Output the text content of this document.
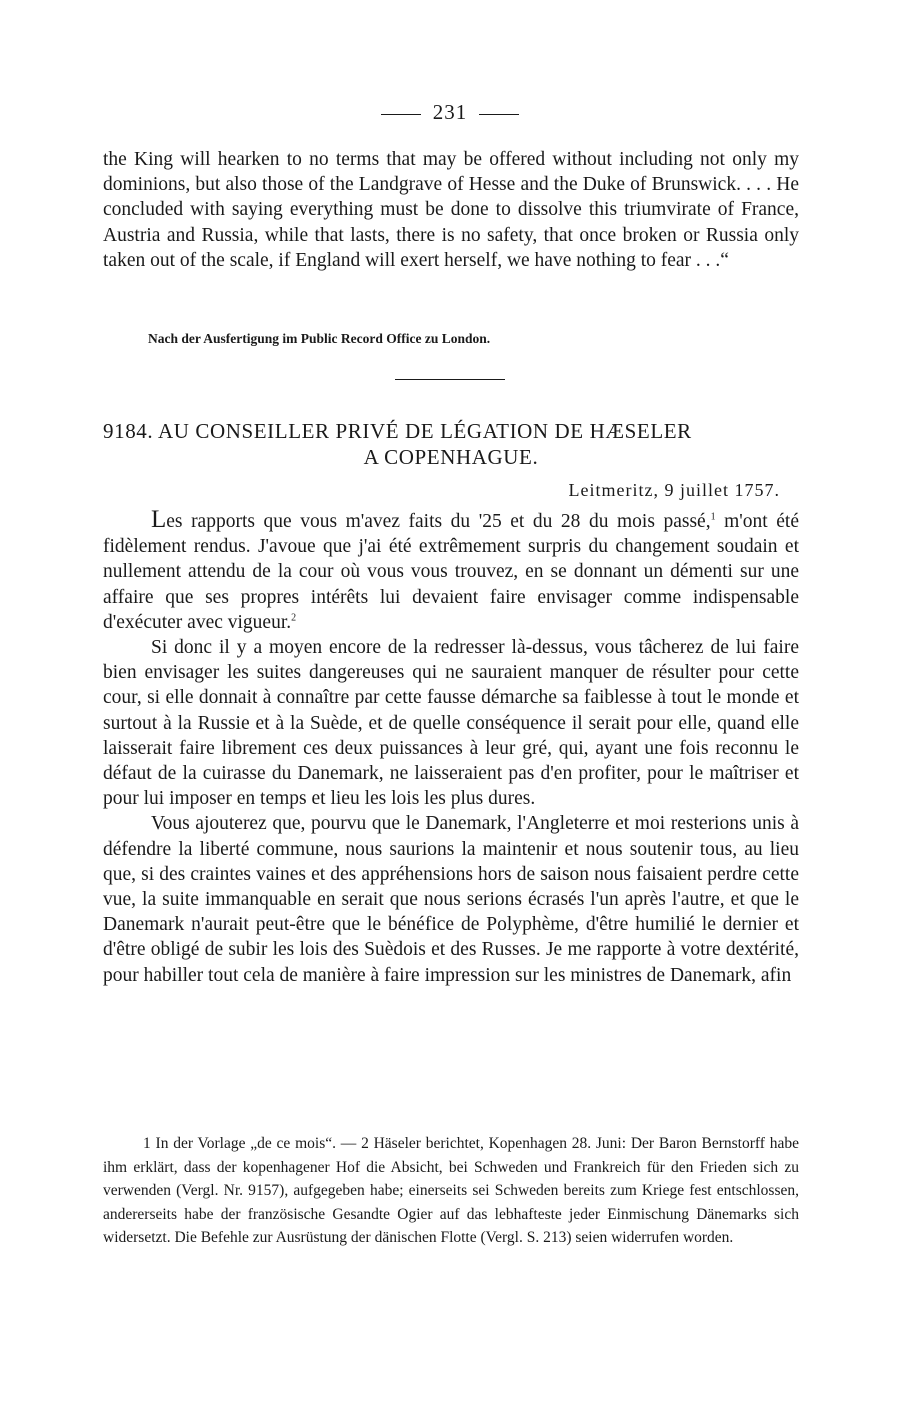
231

the King will hearken to no terms that may be offered without including not only my dominions, but also those of the Landgrave of Hesse and the Duke of Brunswick. . . . He concluded with saying everything must be done to dissolve this triumvirate of France, Austria and Russia, while that lasts, there is no safety, that once broken or Russia only taken out of the scale, if England will exert herself, we have nothing to fear . . .“

Nach der Ausfertigung im Public Record Office zu London.
9184. AU CONSEILLER PRIVÉ DE LÉGATION DE HÆSELER
A COPENHAGUE.
Leitmeritz, 9 juillet 1757.

Les rapports que vous m'avez faits du '25 et du 28 du mois passé,$^1$ m'ont été fidèlement rendus. J'avoue que j'ai été extrêmement surpris du changement soudain et nullement attendu de la cour où vous vous trouvez, en se donnant un démenti sur une affaire que ses propres intérêts lui devaient faire envisager comme indispensable d'exécuter avec vigueur.$^2$

Si donc il y a moyen encore de la redresser là-dessus, vous tâcherez de lui faire bien envisager les suites dangereuses qui ne sauraient manquer de résulter pour cette cour, si elle donnait à connaître par cette fausse démarche sa faiblesse à tout le monde et surtout à la Russie et à la Suède, et de quelle conséquence il serait pour elle, quand elle laisserait faire librement ces deux puissances à leur gré, qui, ayant une fois reconnu le défaut de la cuirasse du Danemark, ne laisseraient pas d'en profiter, pour le maîtriser et pour lui imposer en temps et lieu les lois les plus dures.

Vous ajouterez que, pourvu que le Danemark, l'Angleterre et moi resterions unis à défendre la liberté commune, nous saurions la maintenir et nous soutenir tous, au lieu que, si des craintes vaines et des appréhensions hors de saison nous faisaient perdre cette vue, la suite immanquable en serait que nous serions écrasés l'un après l'autre, et que le Danemark n'aurait peut-être que le bénéfice de Polyphème, d'être humilié le dernier et d'être obligé de subir les lois des Suèdois et des Russes. Je me rapporte à votre dextérité, pour habiller tout cela de manière à faire impression sur les ministres de Danemark, afin

1 In der Vorlage „de ce mois“. — 2 Häseler berichtet, Kopenhagen 28. Juni: Der Baron Bernstorff habe ihm erklärt, dass der kopenhagener Hof die Absicht, bei Schweden und Frankreich für den Frieden sich zu verwenden (Vergl. Nr. 9157), aufgegeben habe; einerseits sei Schweden bereits zum Kriege fest entschlossen, andererseits habe der französische Gesandte Ogier auf das lebhafteste jeder Einmischung Dänemarks sich widersetzt. Die Befehle zur Ausrüstung der dänischen Flotte (Vergl. S. 213) seien widerrufen worden.
